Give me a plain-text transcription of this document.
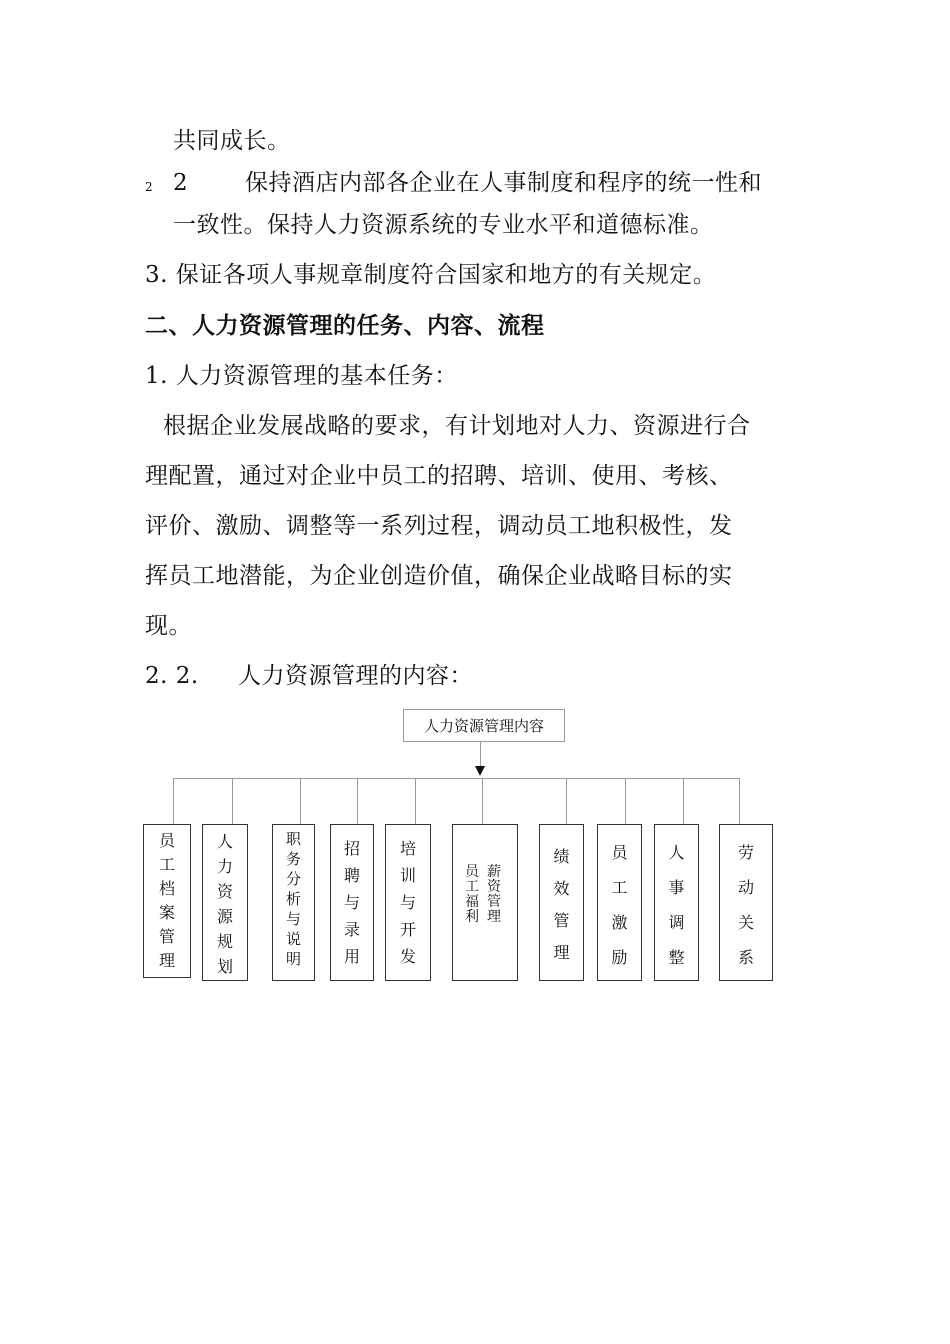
共同成长。
2 2 保持酒店内部各企业在人事制度和程序的统一性和
一致性。保持人力资源系统的专业水平和道德标准。
3. 保证各项人事规章制度符合国家和地方的有关规定。
二、人力资源管理的任务、内容、流程
1. 人力资源管理的基本任务：
根据企业发展战略的要求，有计划地对人力、资源进行合
理配置，通过对企业中员工的招聘、培训、使用、考核、
评价、激励、调整等一系列过程，调动员工地积极性，发
挥员工地潜能，为企业创造价值，确保企业战略目标的实
现。
2. 2. 人力资源管理的内容：
人力资源管理内容
员
工
档
案
管
理
人
力
资
源
规
划
职
务
分
析
与
说
明
招
聘
与
录
用
培
训
与
开
发
薪
资
管
理
员
工
福
利
绩
效
管
理
员
工
激
励
人
事
调
整
劳
动
关
系
